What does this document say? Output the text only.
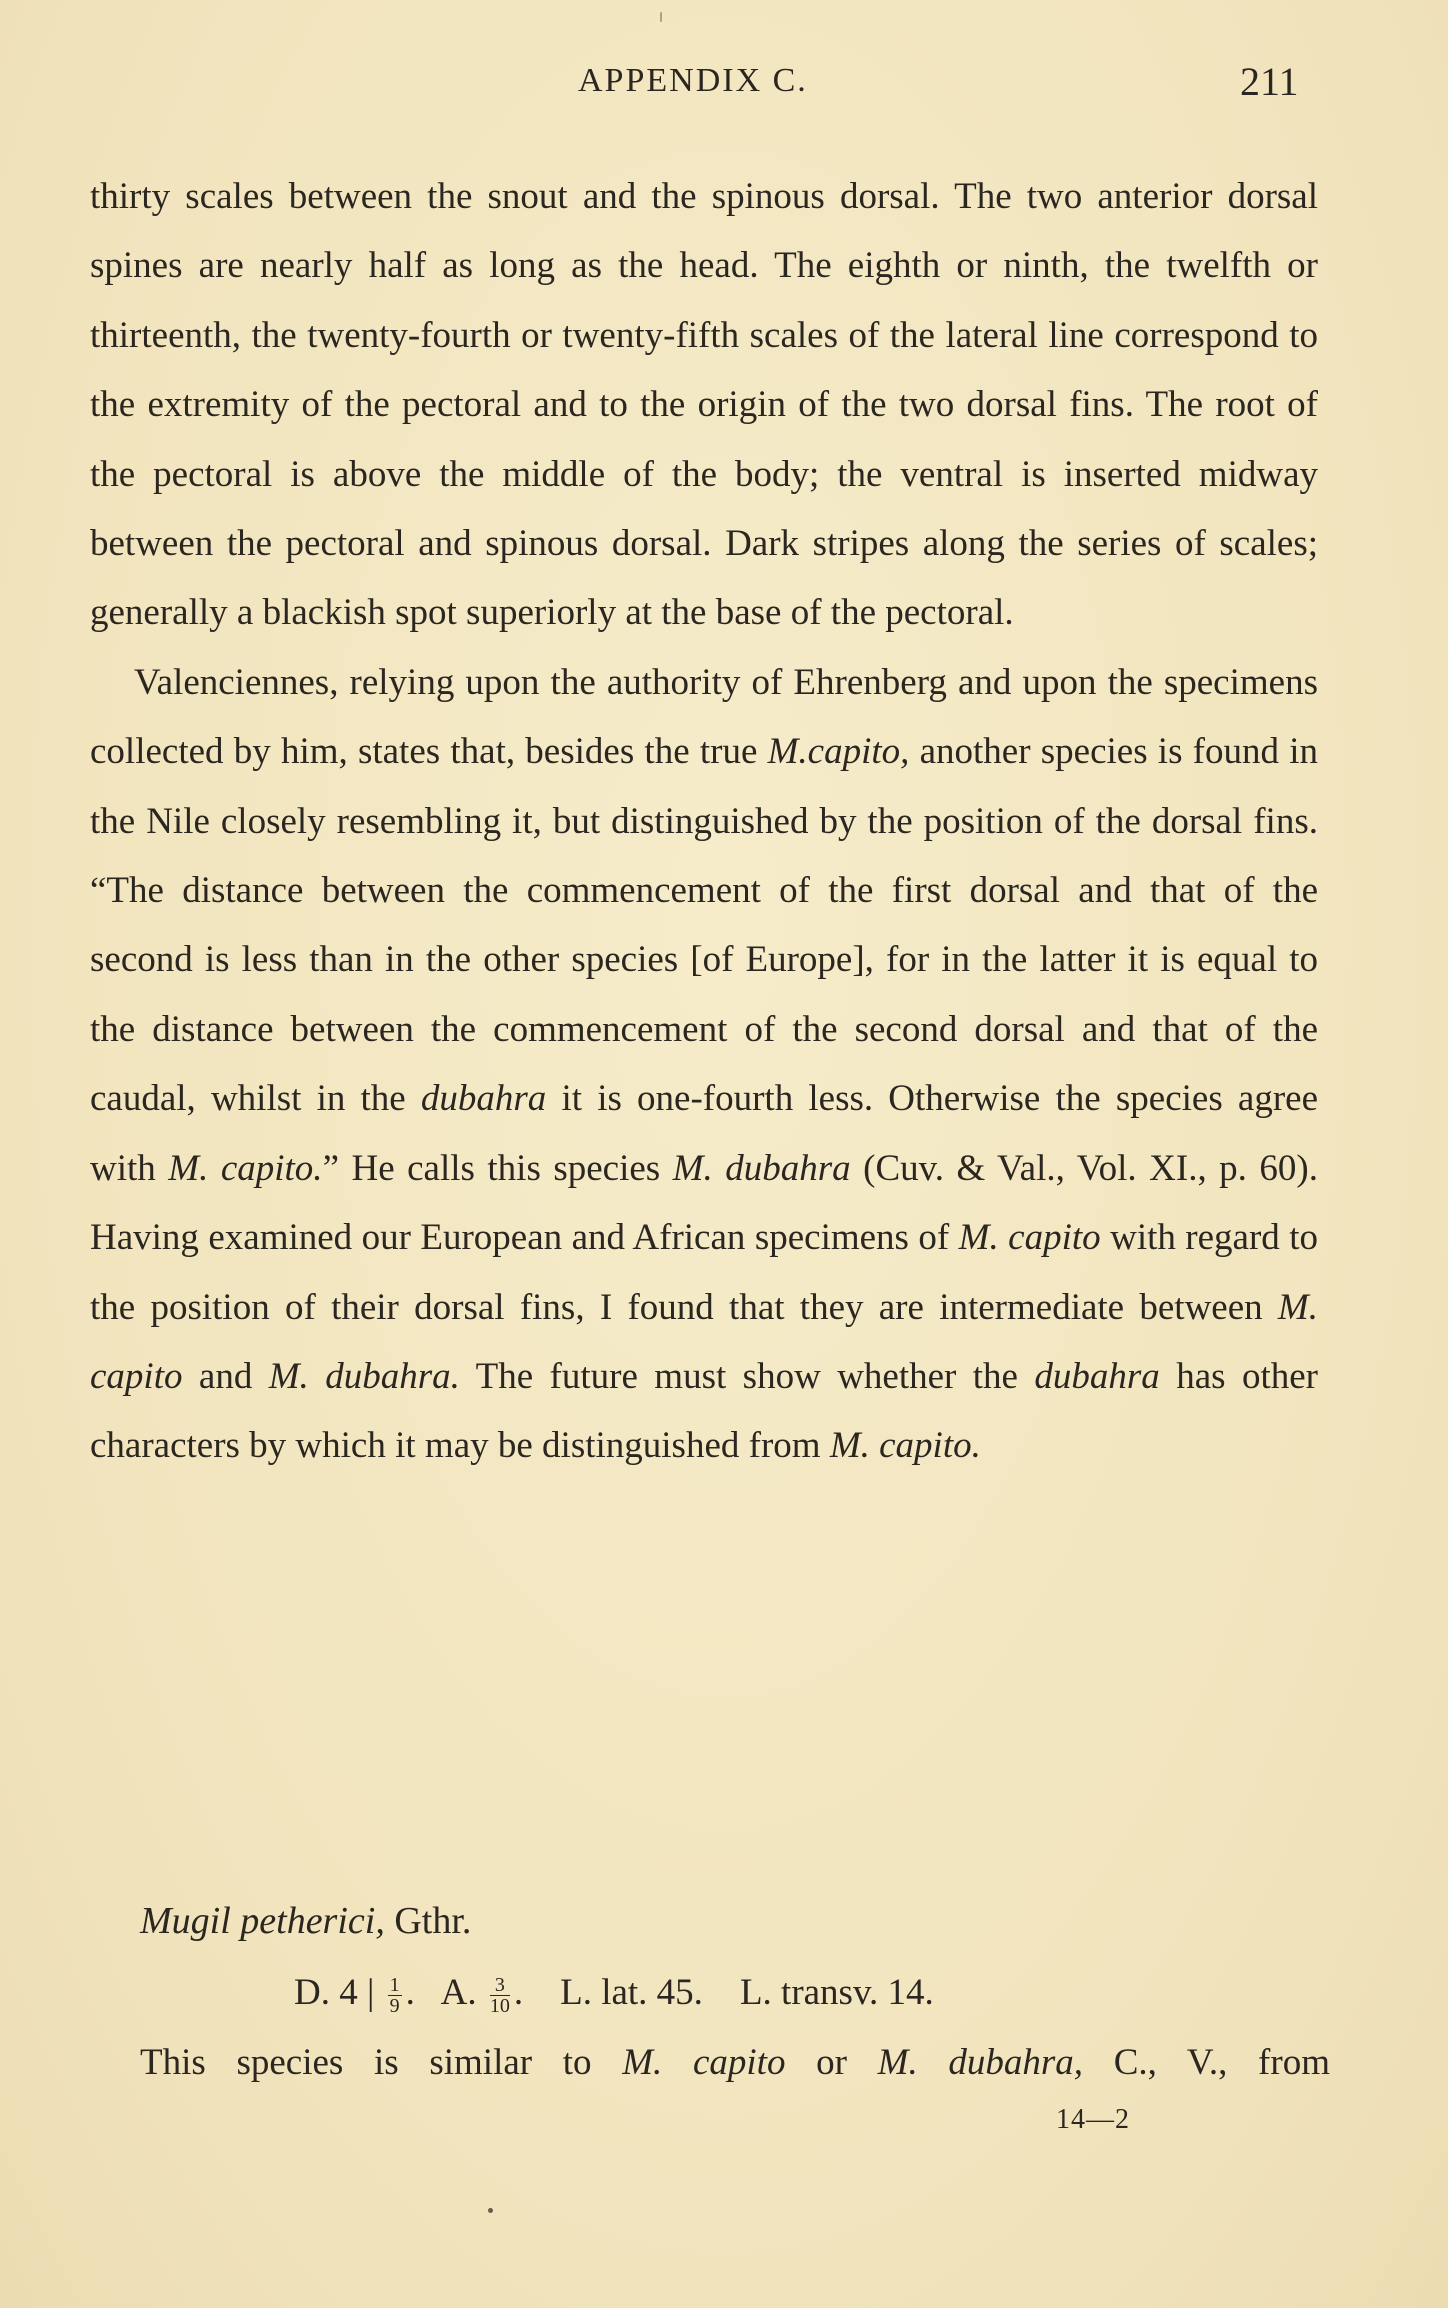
APPENDIX C.	211

thirty scales between the snout and the spinous dorsal. The two anterior dorsal spines are nearly half as long as the head. The eighth or ninth, the twelfth or thirteenth, the twenty-fourth or twenty-fifth scales of the lateral line correspond to the extremity of the pectoral and to the origin of the two dorsal fins. The root of the pectoral is above the middle of the body; the ventral is inserted midway between the pectoral and spinous dorsal. Dark stripes along the series of scales; generally a blackish spot superiorly at the base of the pectoral.

Valenciennes, relying upon the authority of Ehrenberg and upon the specimens collected by him, states that, besides the true M.capito, another species is found in the Nile closely resembling it, but distinguished by the position of the dorsal fins. “The distance between the commencement of the first dorsal and that of the second is less than in the other species [of Europe], for in the latter it is equal to the distance between the commencement of the second dorsal and that of the caudal, whilst in the dubahra it is one-fourth less. Otherwise the species agree with M. capito.” He calls this species M. dubahra (Cuv. & Val., Vol. XI., p. 60). Having examined our European and African specimens of M. capito with regard to the position of their dorsal fins, I found that they are intermediate between M. capito and M. dubahra. The future must show whether the dubahra has other characters by which it may be distinguished from M. capito.

Mugil petherici, Gthr.
D. 4 | $\frac{1}{9}$ .   A. $\frac{3}{10}$ .    L. lat. 45. L. transv. 14.
This species is similar to M. capito or M. dubahra, C., V., from
14—2
